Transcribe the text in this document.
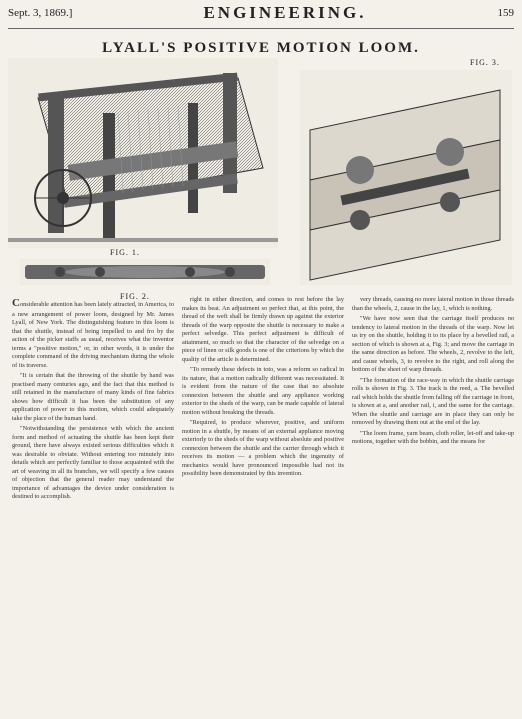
Sept. 3, 1869.]	ENGINEERING.	159
LYALL'S POSITIVE MOTION LOOM.
FIG. 1.
FIG. 2.
FIG. 3.

Considerable attention has been lately attracted, in America, to a new arrangement of power loom, designed by Mr. James Lyall, of New York. The distinguishing feature in this loom is that the shuttle, instead of being impelled to and fro by the action of the picker staffs as usual, receives what the inventor terms a "positive motion," or, in other words, it is under the complete command of the driving mechanism during the whole of its traverse.

"It is certain that the throwing of the shuttle by hand was practised many centuries ago, and the fact that this method is still retained in the manufacture of many kinds of fine fabrics shows how difficult it has been the substitution of any application of power to this motion, which could adequately take the place of the human hand.

"Notwithstanding the persistence with which the ancient form and method of actuating the shuttle has been kept their ground, there have always existed serious difficulties which it was desirable to obviate. Without entering too minutely into details which are perfectly familiar to those acquainted with the art of weaving in all its branches, we will specify a few causes of objection that the general reader may understand the importance of advantages the device under consideration is destined to accomplish.

right in either direction, and comes to rest before the lay makes its beat. An adjustment so perfect that, at this point, the thread of the weft shall be firmly drawn up against the exterior threads of the warp opposite the shuttle is necessary to make a perfect selvedge. This perfect adjustment is difficult of attainment, so much so that the character of the selvedge on a piece of linen or silk goods is one of the criterions by which the quality of the article is determined.

"To remedy these defects in toto, was a reform so radical in its nature, that a motion radically different was necessitated. It is evident from the nature of the case that no absolute connexion between the shuttle and any appliance working exterior to the sheds of the warp, can be made capable of lateral motion without breaking the threads.

"Required, to produce wherever, positive, and uniform motion in a shuttle, by means of an external appliance moving exteriorly to the sheds of the warp without absolute and positive connexion between the shuttle and the carrier through which it receives its motion — a problem which the ingenuity of mechanics would have pronounced impossible had not its possibility been demonstrated by this invention.

very threads, causing no more lateral motion in those threads than the wheels, 2, cause in the lay, 1, which is nothing.

"We have now seen that the carriage itself produces no tendency to lateral motion in the threads of the warp. Now let us try on the shuttle, holding it to its place by a bevelled rail, a section of which is shown at a, Fig. 3; and move the carriage in the same direction as before. The wheels, 2, revolve to the left, and cause wheels, 3, to revolve to the right, and roll along the bottom of the sheet of warp threads.

"The formation of the race-way in which the shuttle carriage rolls is shown in Fig. 3. The track is the reed, a. The bevelled rail which holds the shuttle from falling off the carriage in front, is shown at a, and another rail, i, and the same for the carriage. When the shuttle and carriage are in place they can only be removed by drawing them out at the end of the lay.

"The loom frame, yarn beam, cloth roller, let-off and take-up motions, together with the bobbin, and the means for
